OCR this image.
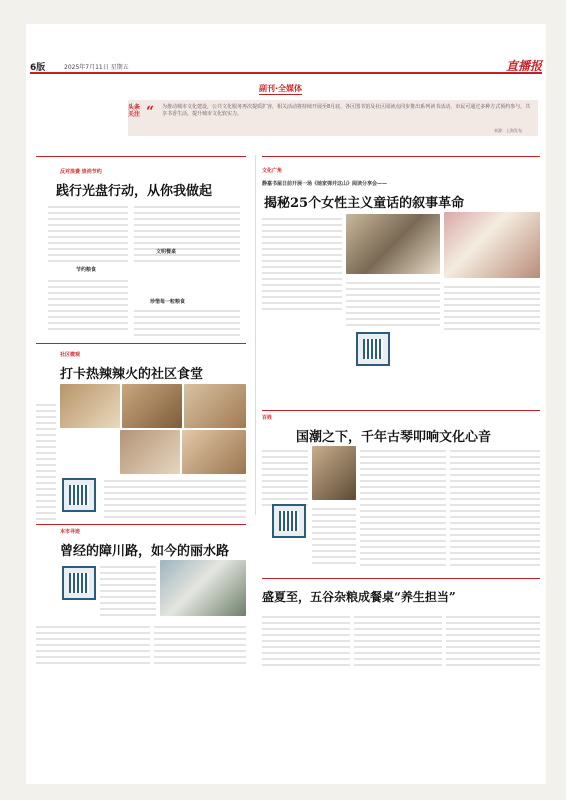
6版	2025年7月11日 星期五	直播报
副刊·全媒体
头条关注 “ 为推动城市文化建设，公共文化服务再次提质扩容，相关活动将持续开展至8月底，各区图书馆及社区阅读点同步推出系列读书活动，市民可通过多种方式预约参与，共享书香生活，提升城市文化软实力。
来源：上海发布
反对浪费 崇尚节约
践行光盘行动，从你我做起
节约粮食
文明餐桌
珍惜每一粒粮食
文化广角
静嘉书屋日前开展一场《她家弹并这山》阅读分享会——
揭秘25个女性主义童话的叙事革命
社区微观
打卡热辣辣火的社区食堂
百姓
国潮之下，千年古琴叩响文化心音
本市寻迹
曾经的障川路，如今的丽水路
盛夏至，五谷杂粮成餐桌“养生担当”
